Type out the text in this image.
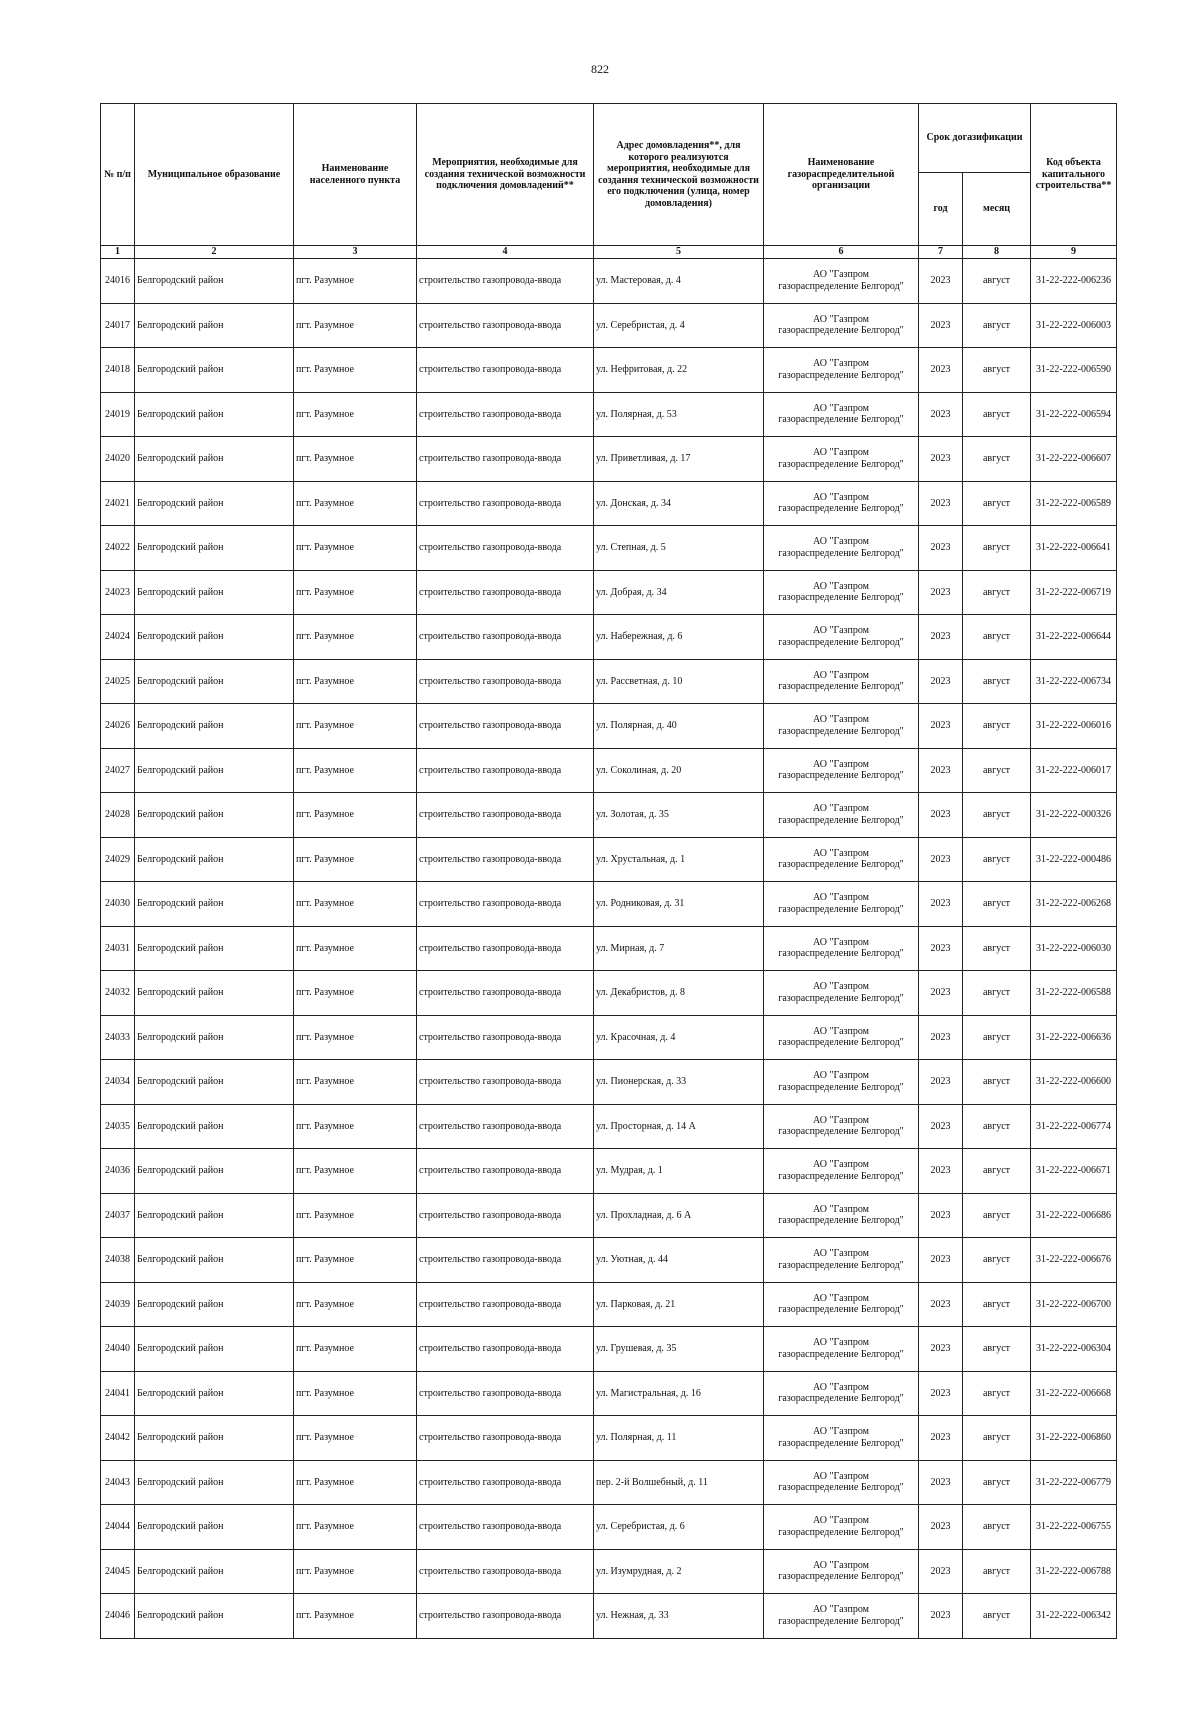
822
№ п/п	Муниципальное образование	Наименование населенного пункта	Мероприятия, необходимые для создания технической возможности подключения домовладений**	Адрес домовладения**, для которого реализуются мероприятия, необходимые для создания технической возможности его подключения (улица, номер домовладения)	Наименование газораспределительной организации	Срок догазификации		Код объекта капитального строительства**
						год	месяц	
1	2	3	4	5	6	7	8	9
24016	Белгородский район	пгт. Разумное	строительство газопровода-ввода	ул. Мастеровая, д. 4	АО "Газпром
газораспределение Белгород"	2023	август	31-22-222-006236
24017	Белгородский район	пгт. Разумное	строительство газопровода-ввода	ул. Серебристая, д. 4	АО "Газпром
газораспределение Белгород"	2023	август	31-22-222-006003
24018	Белгородский район	пгт. Разумное	строительство газопровода-ввода	ул. Нефритовая, д. 22	АО "Газпром
газораспределение Белгород"	2023	август	31-22-222-006590
24019	Белгородский район	пгт. Разумное	строительство газопровода-ввода	ул. Полярная, д. 53	АО "Газпром
газораспределение Белгород"	2023	август	31-22-222-006594
24020	Белгородский район	пгт. Разумное	строительство газопровода-ввода	ул. Приветливая, д. 17	АО "Газпром
газораспределение Белгород"	2023	август	31-22-222-006607
24021	Белгородский район	пгт. Разумное	строительство газопровода-ввода	ул. Донская, д. 34	АО "Газпром
газораспределение Белгород"	2023	август	31-22-222-006589
24022	Белгородский район	пгт. Разумное	строительство газопровода-ввода	ул. Степная, д. 5	АО "Газпром
газораспределение Белгород"	2023	август	31-22-222-006641
24023	Белгородский район	пгт. Разумное	строительство газопровода-ввода	ул. Добрая, д. 34	АО "Газпром
газораспределение Белгород"	2023	август	31-22-222-006719
24024	Белгородский район	пгт. Разумное	строительство газопровода-ввода	ул. Набережная, д. 6	АО "Газпром
газораспределение Белгород"	2023	август	31-22-222-006644
24025	Белгородский район	пгт. Разумное	строительство газопровода-ввода	ул. Рассветная, д. 10	АО "Газпром
газораспределение Белгород"	2023	август	31-22-222-006734
24026	Белгородский район	пгт. Разумное	строительство газопровода-ввода	ул. Полярная, д. 40	АО "Газпром
газораспределение Белгород"	2023	август	31-22-222-006016
24027	Белгородский район	пгт. Разумное	строительство газопровода-ввода	ул. Соколиная, д. 20	АО "Газпром
газораспределение Белгород"	2023	август	31-22-222-006017
24028	Белгородский район	пгт. Разумное	строительство газопровода-ввода	ул. Золотая, д. 35	АО "Газпром
газораспределение Белгород"	2023	август	31-22-222-000326
24029	Белгородский район	пгт. Разумное	строительство газопровода-ввода	ул. Хрустальная, д. 1	АО "Газпром
газораспределение Белгород"	2023	август	31-22-222-000486
24030	Белгородский район	пгт. Разумное	строительство газопровода-ввода	ул. Родниковая, д. 31	АО "Газпром
газораспределение Белгород"	2023	август	31-22-222-006268
24031	Белгородский район	пгт. Разумное	строительство газопровода-ввода	ул. Мирная, д. 7	АО "Газпром
газораспределение Белгород"	2023	август	31-22-222-006030
24032	Белгородский район	пгт. Разумное	строительство газопровода-ввода	ул. Декабристов, д. 8	АО "Газпром
газораспределение Белгород"	2023	август	31-22-222-006588
24033	Белгородский район	пгт. Разумное	строительство газопровода-ввода	ул. Красочная, д. 4	АО "Газпром
газораспределение Белгород"	2023	август	31-22-222-006636
24034	Белгородский район	пгт. Разумное	строительство газопровода-ввода	ул. Пионерская, д. 33	АО "Газпром
газораспределение Белгород"	2023	август	31-22-222-006600
24035	Белгородский район	пгт. Разумное	строительство газопровода-ввода	ул. Просторная, д. 14 А	АО "Газпром
газораспределение Белгород"	2023	август	31-22-222-006774
24036	Белгородский район	пгт. Разумное	строительство газопровода-ввода	ул. Мудрая, д. 1	АО "Газпром
газораспределение Белгород"	2023	август	31-22-222-006671
24037	Белгородский район	пгт. Разумное	строительство газопровода-ввода	ул. Прохладная, д. 6 А	АО "Газпром
газораспределение Белгород"	2023	август	31-22-222-006686
24038	Белгородский район	пгт. Разумное	строительство газопровода-ввода	ул. Уютная, д. 44	АО "Газпром
газораспределение Белгород"	2023	август	31-22-222-006676
24039	Белгородский район	пгт. Разумное	строительство газопровода-ввода	ул. Парковая, д. 21	АО "Газпром
газораспределение Белгород"	2023	август	31-22-222-006700
24040	Белгородский район	пгт. Разумное	строительство газопровода-ввода	ул. Грушевая, д. 35	АО "Газпром
газораспределение Белгород"	2023	август	31-22-222-006304
24041	Белгородский район	пгт. Разумное	строительство газопровода-ввода	ул. Магистральная, д. 16	АО "Газпром
газораспределение Белгород"	2023	август	31-22-222-006668
24042	Белгородский район	пгт. Разумное	строительство газопровода-ввода	ул. Полярная, д. 11	АО "Газпром
газораспределение Белгород"	2023	август	31-22-222-006860
24043	Белгородский район	пгт. Разумное	строительство газопровода-ввода	пер. 2-й Волшебный, д. 11	АО "Газпром
газораспределение Белгород"	2023	август	31-22-222-006779
24044	Белгородский район	пгт. Разумное	строительство газопровода-ввода	ул. Серебристая, д. 6	АО "Газпром
газораспределение Белгород"	2023	август	31-22-222-006755
24045	Белгородский район	пгт. Разумное	строительство газопровода-ввода	ул. Изумрудная, д. 2	АО "Газпром
газораспределение Белгород"	2023	август	31-22-222-006788
24046	Белгородский район	пгт. Разумное	строительство газопровода-ввода	ул. Нежная, д. 33	АО "Газпром
газораспределение Белгород"	2023	август	31-22-222-006342
